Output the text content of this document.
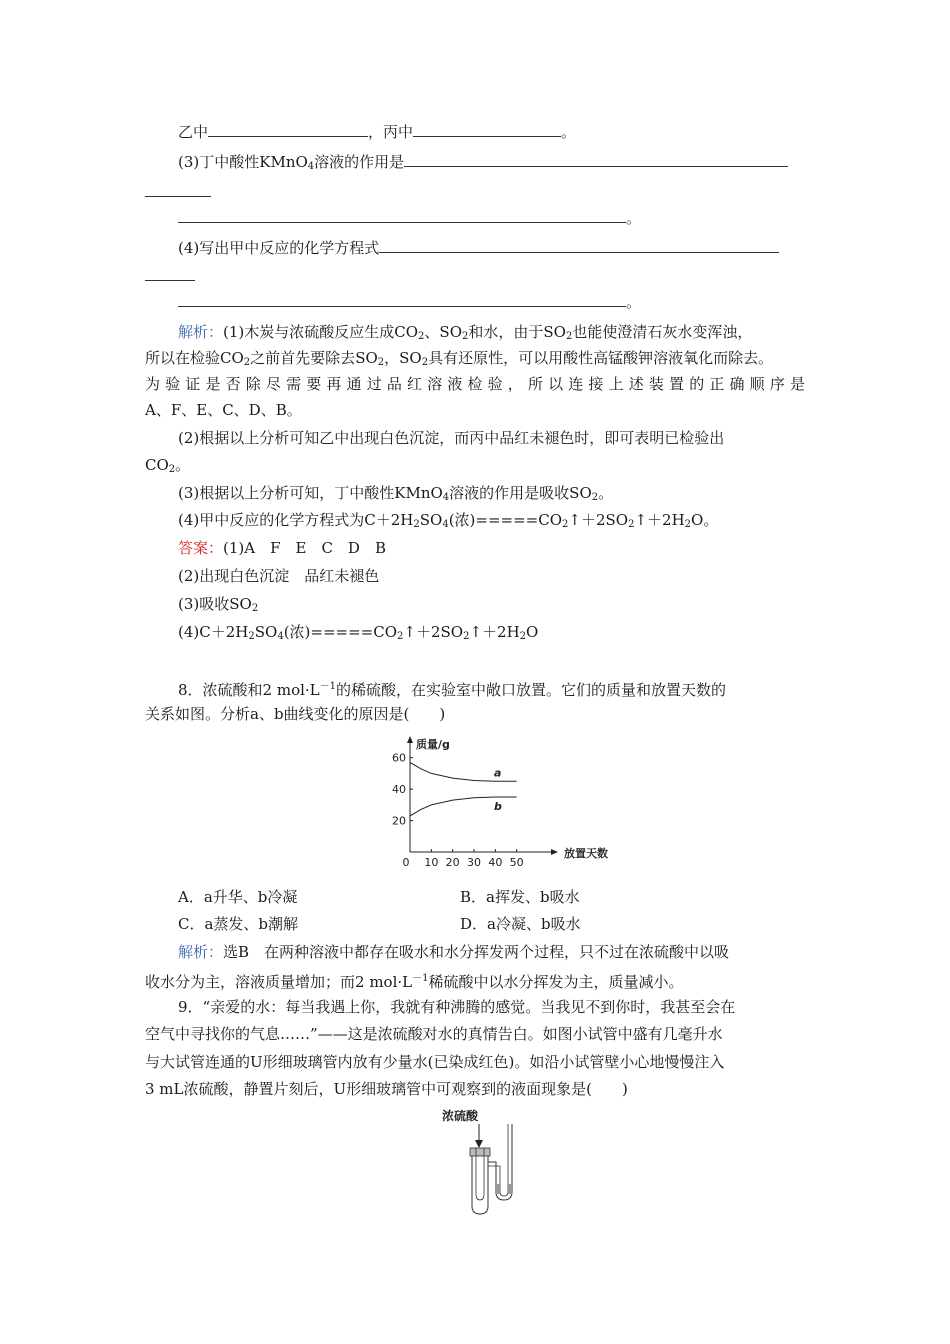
乙中	，丙中	。
(3)丁中酸性KMnO$_4$溶液的作用是
。
(4)写出甲中反应的化学方程式
。
解析：(1)木炭与浓硫酸反应生成$CO_2$、$SO_2$和水，由于$SO_2$也能使澄清石灰水变浑浊，
所以在检验$CO_2$之前首先要除去$SO_2$，$SO_2$具有还原性，可以用酸性高锰酸钾溶液氧化而除去。
为验证是否除尽需要再通过品红溶液检验，所以连接上述装置的正确顺序是
A、F、E、C、D、B。
(2)根据以上分析可知乙中出现白色沉淀，而丙中品红未褪色时，即可表明已检验出
$CO_2$。
(3)根据以上分析可知，丁中酸性KMnO$_4$溶液的作用是吸收$SO_2$。
(4)甲中反应的化学方程式为$C+2H_2SO_4$(浓)$=====CO_2↑+2SO_2↑+2H_2O$。
答案：(1)A　F　E　C　D　B
(2)出现白色沉淀　品红未褪色
(3)吸收$SO_2$
$(4)C+2H_2SO_4$(浓)$=====CO_2↑+2SO_2↑+2H_2O$
8．浓硫酸和2 $mol\cdot L^{-1}$的稀硫酸，在实验室中敞口放置。它们的质量和放置天数的
关系如图。分析a、b曲线变化的原因是(　　)
20
40
60
0 10 20 30 40 50
质量/g
放置天数
a
b
A．a升华、b冷凝	B．a挥发、b吸水
C．a蒸发、b潮解	D．a冷凝、b吸水
解析：选B　在两种溶液中都存在吸水和水分挥发两个过程，只不过在浓硫酸中以吸
收水分为主，溶液质量增加；而2 $mol\cdot L^{-1}$稀硫酸中以水分挥发为主，质量减小。
9．“亲爱的水：每当我遇上你，我就有种沸腾的感觉。当我见不到你时，我甚至会在
空气中寻找你的气息……”——这是浓硫酸对水的真情告白。如图小试管中盛有几毫升水
与大试管连通的U形细玻璃管内放有少量水(已染成红色)。如沿小试管壁小心地慢慢注入
3 mL浓硫酸，静置片刻后，U形细玻璃管中可观察到的液面现象是(　　)
浓硫酸
